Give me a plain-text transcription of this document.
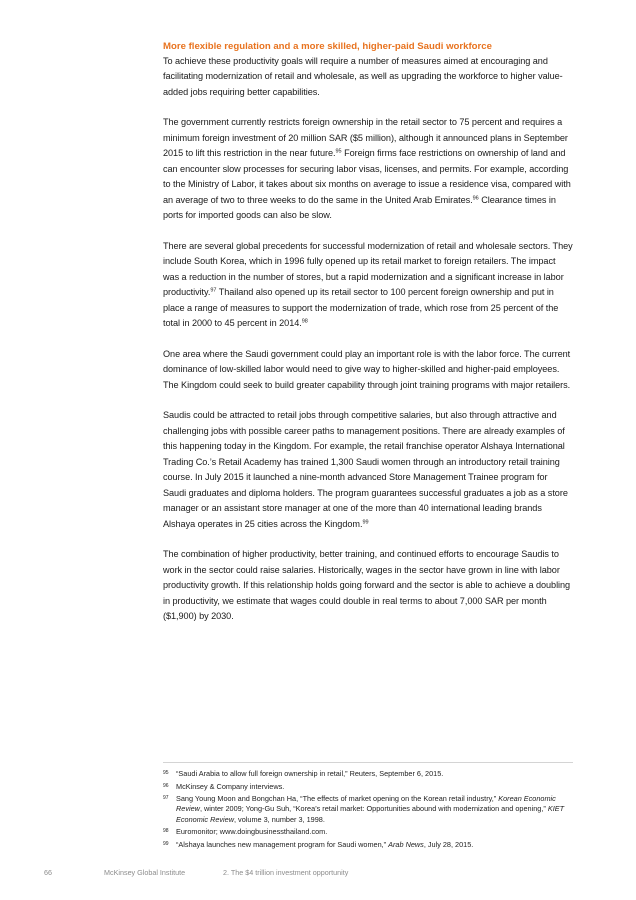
More flexible regulation and a more skilled, higher-paid Saudi workforce

To achieve these productivity goals will require a number of measures aimed at encouraging and facilitating modernization of retail and wholesale, as well as upgrading the workforce to higher value-added jobs requiring better capabilities.

The government currently restricts foreign ownership in the retail sector to 75 percent and requires a minimum foreign investment of 20 million SAR ($5 million), although it announced plans in September 2015 to lift this restriction in the near future.$^{95}$ Foreign firms face restrictions on ownership of land and can encounter slow processes for securing labor visas, licenses, and permits. For example, according to the Ministry of Labor, it takes about six months on average to issue a residence visa, compared with an average of two to three weeks to do the same in the United Arab Emirates.$^{96}$ Clearance times in ports for imported goods can also be slow.

There are several global precedents for successful modernization of retail and wholesale sectors. They include South Korea, which in 1996 fully opened up its retail market to foreign retailers. The impact was a reduction in the number of stores, but a rapid modernization and a significant increase in labor productivity.$^{97}$ Thailand also opened up its retail sector to 100 percent foreign ownership and put in place a range of measures to support the modernization of trade, which rose from 25 percent of the total in 2000 to 45 percent in 2014.98

One area where the Saudi government could play an important role is with the labor force. The current dominance of low-skilled labor would need to give way to higher-skilled and higher-paid employees. The Kingdom could seek to build greater capability through joint training programs with major retailers.

Saudis could be attracted to retail jobs through competitive salaries, but also through attractive and challenging jobs with possible career paths to management positions. There are already examples of this happening today in the Kingdom. For example, the retail franchise operator Alshaya International Trading Co.’s Retail Academy has trained 1,300 Saudi women through an introductory retail training course. In July 2015 it launched a nine-month advanced Store Management Trainee program for Saudi graduates and diploma holders. The program guarantees successful graduates a job as a store manager or an assistant store manager at one of the more than 40 international leading brands Alshaya operates in 25 cities across the Kingdom.$^{99}$

The combination of higher productivity, better training, and continued efforts to encourage Saudis to work in the sector could raise salaries. Historically, wages in the sector have grown in line with labor productivity growth. If this relationship holds going forward and the sector is able to achieve a doubling in productivity, we estimate that wages could double in real terms to about 7,000 SAR per month ($1,900) by 2030.

95 “Saudi Arabia to allow full foreign ownership in retail,” Reuters, September 6, 2015.
96 McKinsey & Company interviews.
97 Sang Young Moon and Bongchan Ha, “The effects of market opening on the Korean retail industry,” Korean Economic Review, winter 2009; Yong-Gu Suh, “Korea’s retail market: Opportunities abound with modernization and opening,” KIET Economic Review, volume 3, number 3, 1998.
98 Euromonitor; www.doingbusinessthailand.com.
99 “Alshaya launches new management program for Saudi women,” Arab News, July 28, 2015.
66	McKinsey Global Institute	2. The $4 trillion investment opportunity
